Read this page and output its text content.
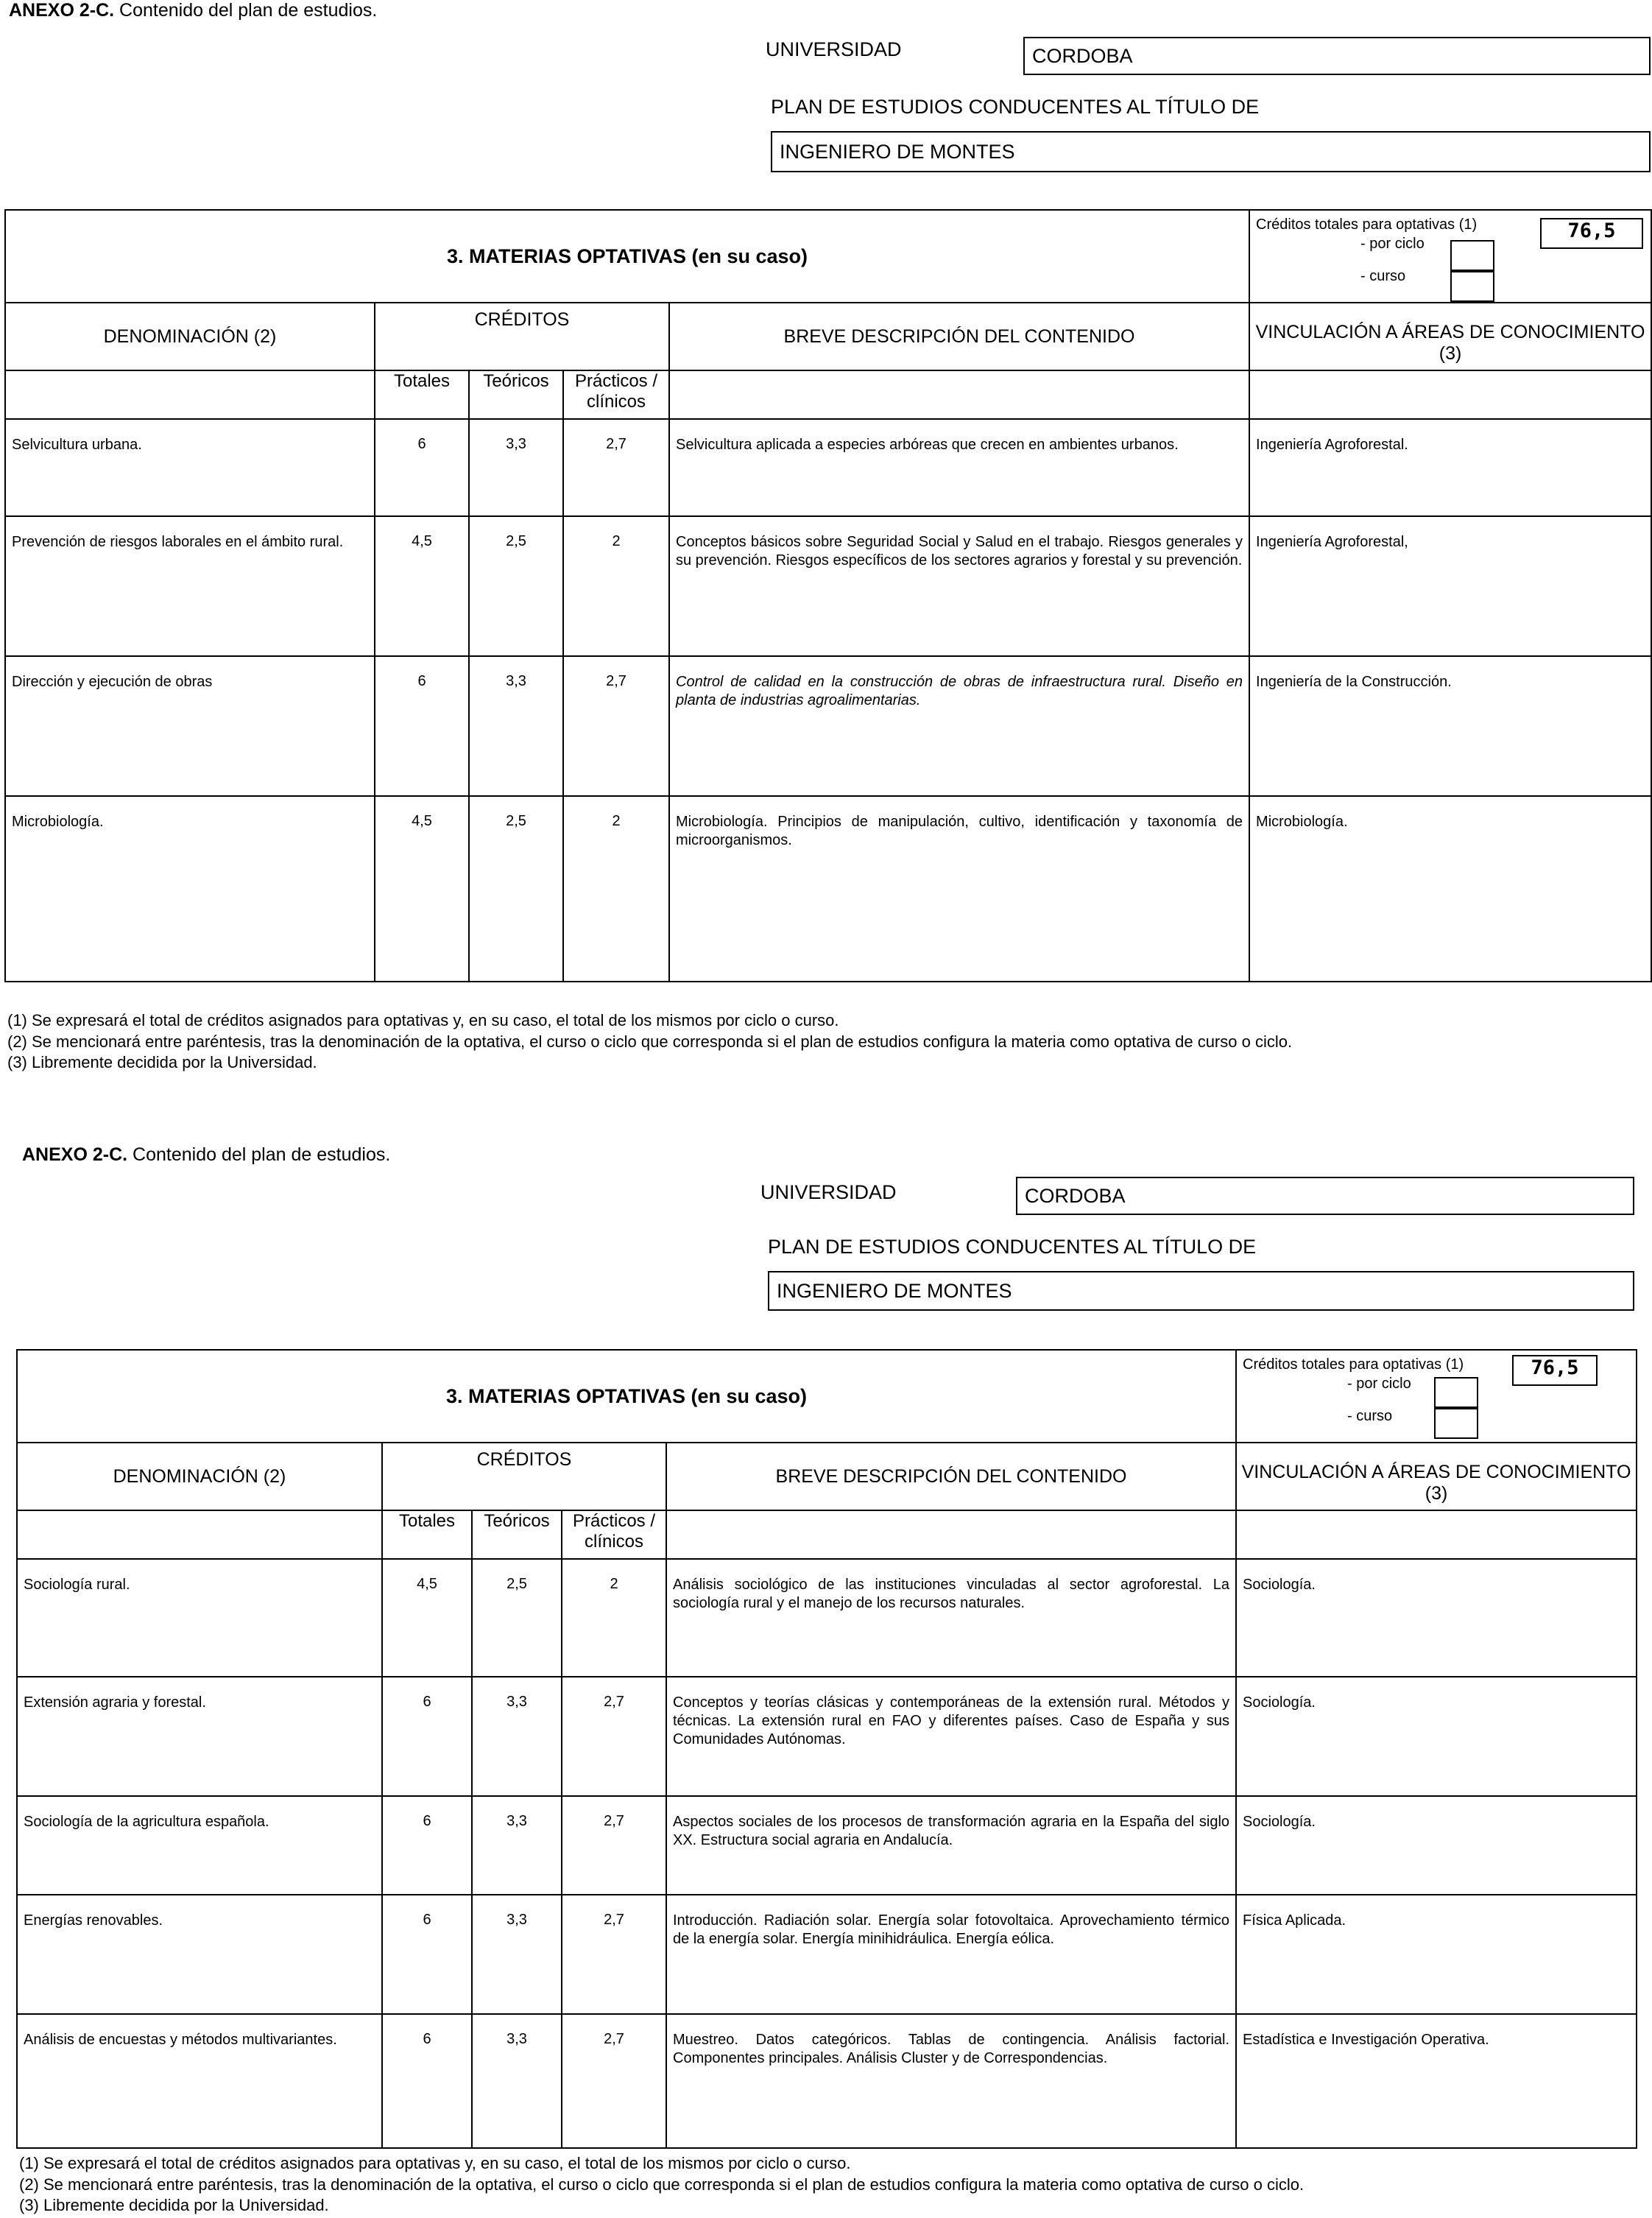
ANEXO 2-C. Contenido del plan de estudios.
UNIVERSIDAD	CORDOBA
PLAN DE ESTUDIOS CONDUCENTES AL TÍTULO DE
INGENIERO DE MONTES
3. MATERIAS OPTATIVAS (en su caso)					Créditos totales para optativas (1)
- por ciclo
- curso
76,5

DENOMINACIÓN (2)	CRÉDITOS			BREVE DESCRIPCIÓN DEL CONTENIDO	VINCULACIÓN A ÁREAS DE CONOCIMIENTO (3)
	Totales	Teóricos	Prácticos / clínicos		
Selvicultura urbana.	6	3,3	2,7	Selvicultura aplicada a especies arbóreas que crecen en ambientes urbanos.	Ingeniería Agroforestal.
Prevención de riesgos laborales en el ámbito rural.	4,5	2,5	2	Conceptos básicos sobre Seguridad Social y Salud en el trabajo. Riesgos generales y su prevención. Riesgos específicos de los sectores agrarios y forestal y su prevención.	Ingeniería Agroforestal,
Dirección y ejecución de obras	6	3,3	2,7	Control de calidad en la construcción de obras de infraestructura rural. Diseño en planta de industrias agroalimentarias.	Ingeniería de la Construcción.
Microbiología.	4,5	2,5	2	Microbiología. Principios de manipulación, cultivo, identificación y taxonomía de microorganismos.	Microbiología.
(1) Se expresará el total de créditos asignados para optativas y, en su caso, el total de los mismos por ciclo o curso.
(2) Se mencionará entre paréntesis, tras la denominación de la optativa, el curso o ciclo que corresponda si el plan de estudios configura la materia como optativa de curso o ciclo.
(3) Libremente decidida por la Universidad.
ANEXO 2-C. Contenido del plan de estudios.
UNIVERSIDAD	CORDOBA
PLAN DE ESTUDIOS CONDUCENTES AL TÍTULO DE
INGENIERO DE MONTES
3. MATERIAS OPTATIVAS (en su caso)					Créditos totales para optativas (1)
- por ciclo
- curso
76,5

DENOMINACIÓN (2)	CRÉDITOS			BREVE DESCRIPCIÓN DEL CONTENIDO	VINCULACIÓN A ÁREAS DE CONOCIMIENTO (3)
	Totales	Teóricos	Prácticos / clínicos		
Sociología rural.	4,5	2,5	2	Análisis sociológico de las instituciones vinculadas al sector agroforestal. La sociología rural y el manejo de los recursos naturales.	Sociología.
Extensión agraria y forestal.	6	3,3	2,7	Conceptos y teorías clásicas y contemporáneas de la extensión rural. Métodos y técnicas. La extensión rural en FAO y diferentes países. Caso de España y sus Comunidades Autónomas.	Sociología.
Sociología de la agricultura española.	6	3,3	2,7	Aspectos sociales de los procesos de transformación agraria en la España del siglo XX. Estructura social agraria en Andalucía.	Sociología.
Energías renovables.	6	3,3	2,7	Introducción. Radiación solar. Energía solar fotovoltaica. Aprovechamiento térmico de la energía solar. Energía minihidráulica. Energía eólica.	Física Aplicada.
Análisis de encuestas y métodos multivariantes.	6	3,3	2,7	Muestreo. Datos categóricos. Tablas de contingencia. Análisis factorial. Componentes principales. Análisis Cluster y de Correspondencias.	Estadística e Investigación Operativa.
(1) Se expresará el total de créditos asignados para optativas y, en su caso, el total de los mismos por ciclo o curso.
(2) Se mencionará entre paréntesis, tras la denominación de la optativa, el curso o ciclo que corresponda si el plan de estudios configura la materia como optativa de curso o ciclo.
(3) Libremente decidida por la Universidad.
